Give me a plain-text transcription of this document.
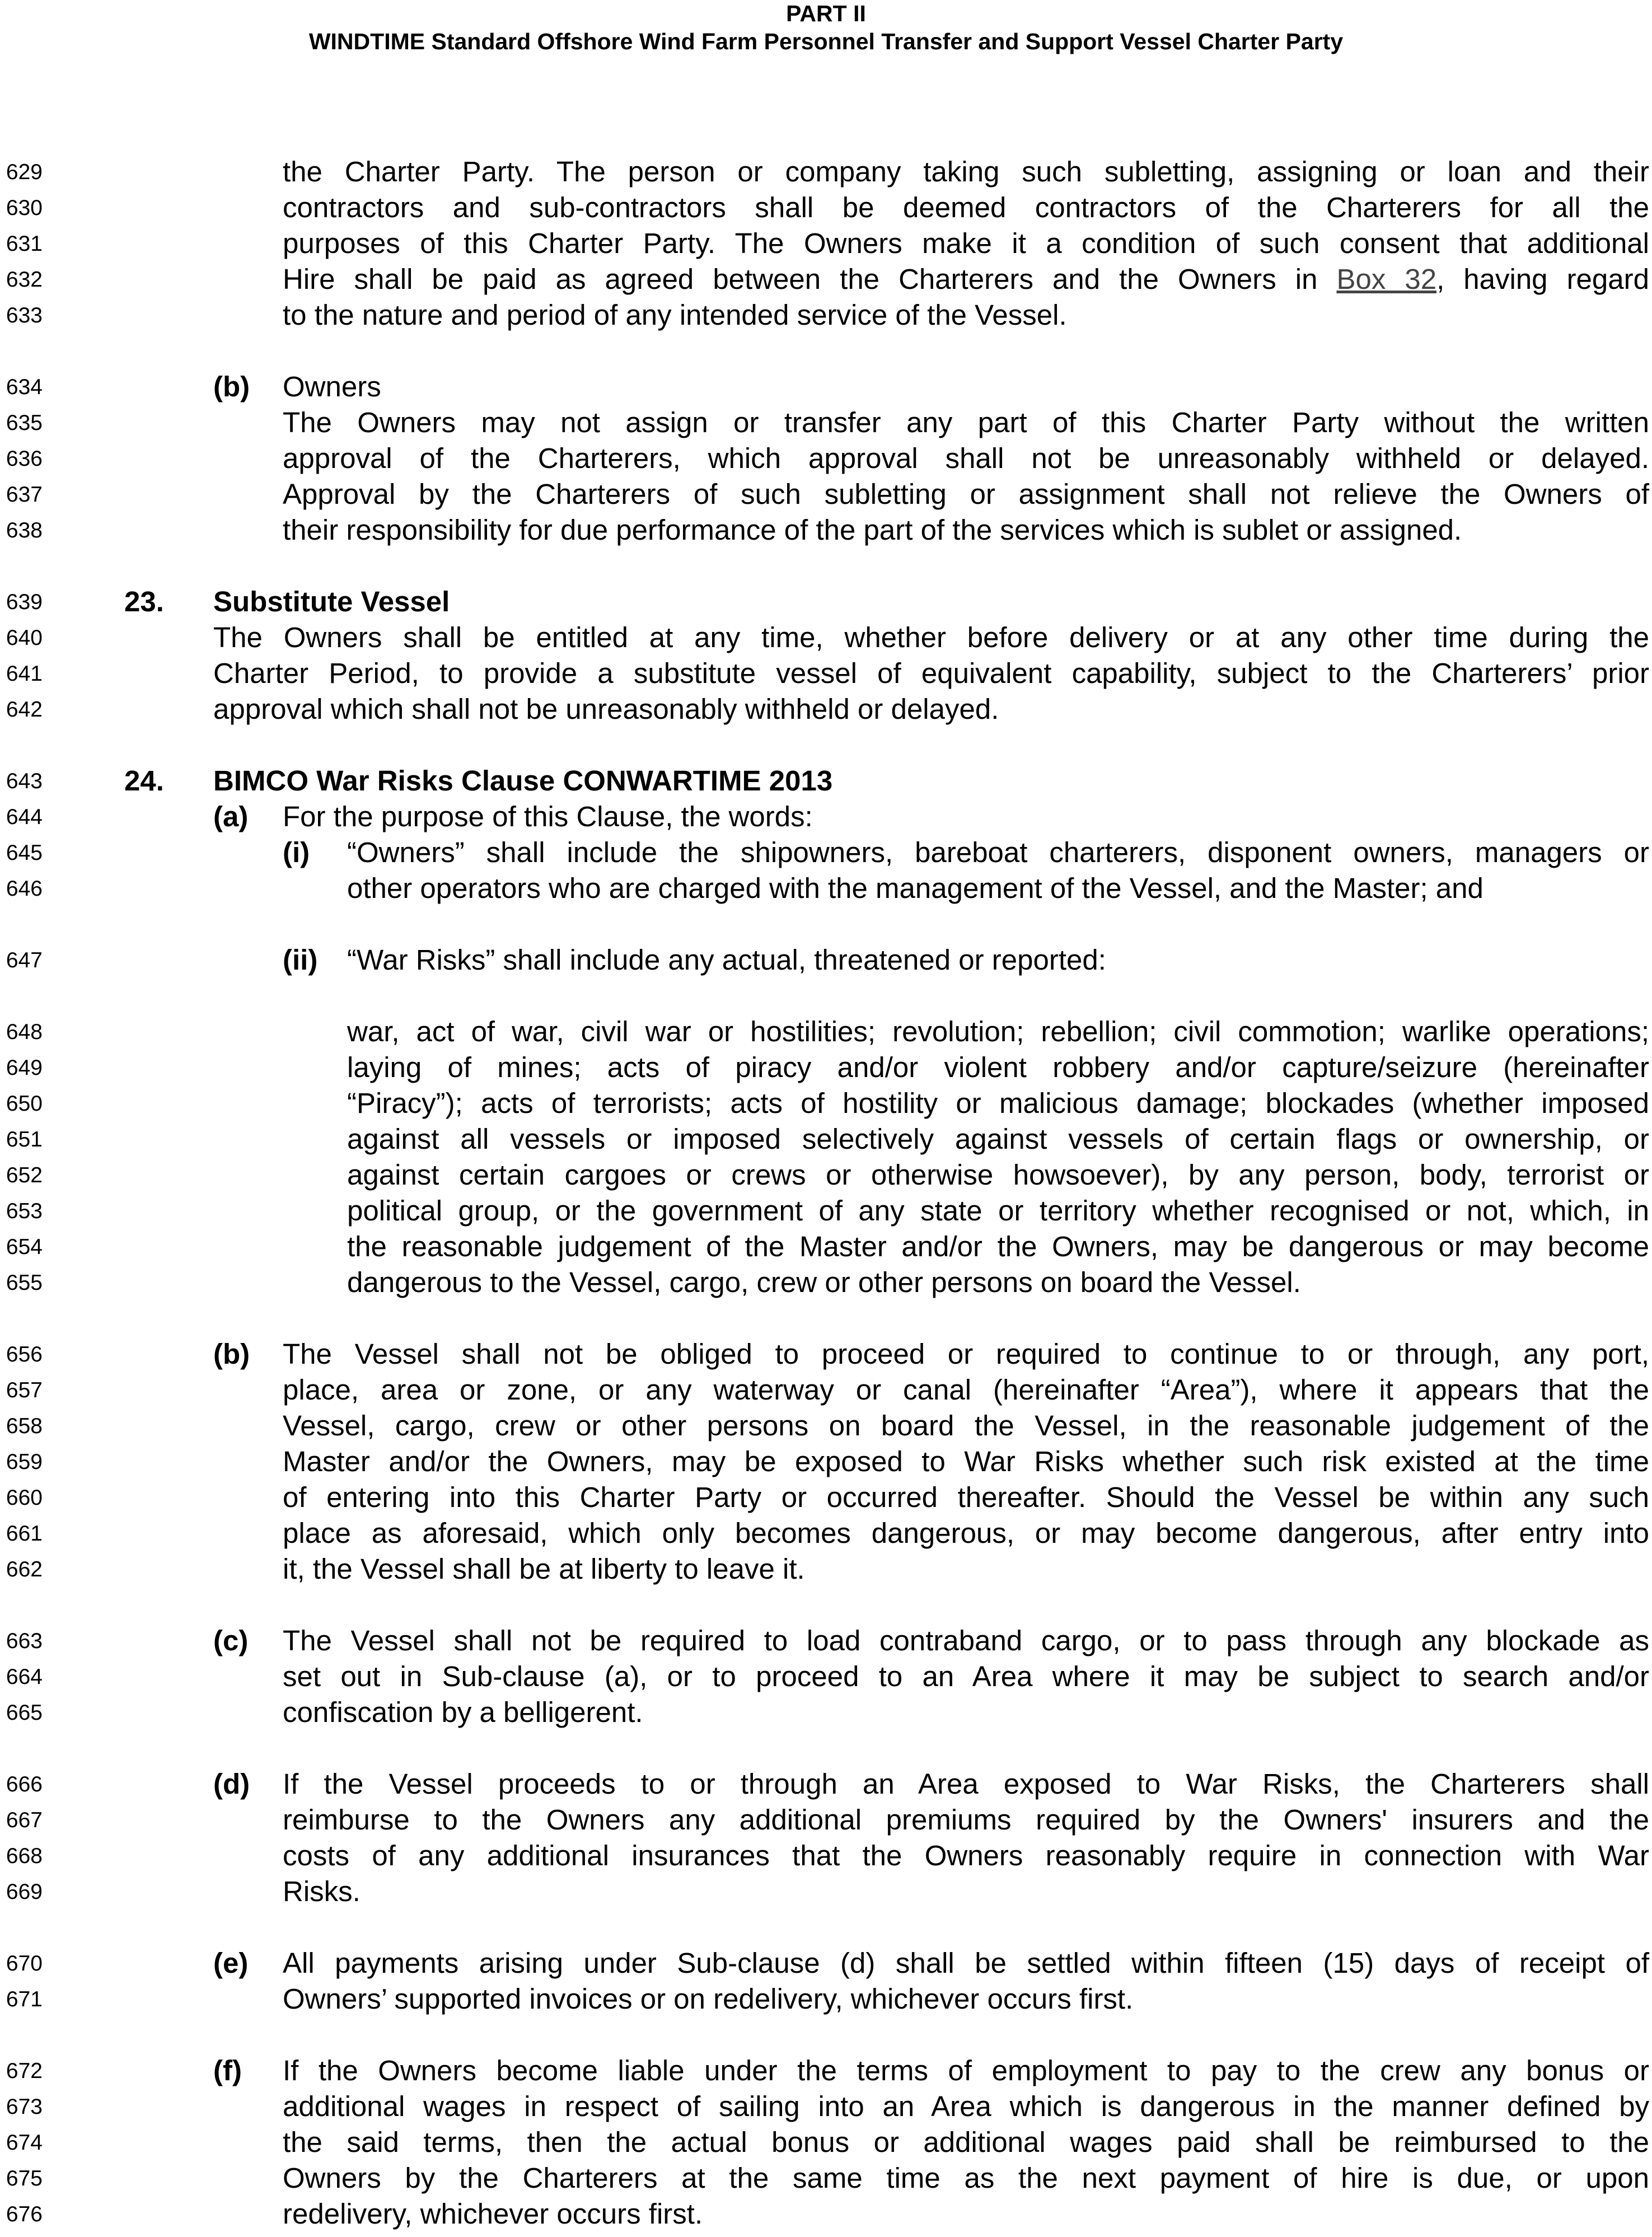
PART II
WINDTIME Standard Offshore Wind Farm Personnel Transfer and Support Vessel Charter Party
629
630
631
632
633
634
635
636
637
638
639
640
641
642
643
644
645
646
647
648
649
650
651
652
653
654
655
656
657
658
659
660
661
662
663
664
665
666
667
668
669
670
671
672
673
674
675
676
the Charter Party. The person or company taking such subletting, assigning or loan and their
contractors and sub-contractors shall be deemed contractors of the Charterers for all the
purposes of this Charter Party. The Owners make it a condition of such consent that additional
Hire shall be paid as agreed between the Charterers and the Owners in Box 32, having regard
to the nature and period of any intended service of the Vessel.
(b) Owners
The Owners may not assign or transfer any part of this Charter Party without the written
approval of the Charterers, which approval shall not be unreasonably withheld or delayed.
Approval by the Charterers of such subletting or assignment shall not relieve the Owners of
their responsibility for due performance of the part of the services which is sublet or assigned.
23. Substitute Vessel
The Owners shall be entitled at any time, whether before delivery or at any other time during the
Charter Period, to provide a substitute vessel of equivalent capability, subject to the Charterers’ prior
approval which shall not be unreasonably withheld or delayed.
24. BIMCO War Risks Clause CONWARTIME 2013
(a) For the purpose of this Clause, the words:
(i) “Owners” shall include the shipowners, bareboat charterers, disponent owners, managers or
other operators who are charged with the management of the Vessel, and the Master; and
(ii) “War Risks” shall include any actual, threatened or reported:
war, act of war, civil war or hostilities; revolution; rebellion; civil commotion; warlike operations;
laying of mines; acts of piracy and/or violent robbery and/or capture/seizure (hereinafter
“Piracy”); acts of terrorists; acts of hostility or malicious damage; blockades (whether imposed
against all vessels or imposed selectively against vessels of certain flags or ownership, or
against certain cargoes or crews or otherwise howsoever), by any person, body, terrorist or
political group, or the government of any state or territory whether recognised or not, which, in
the reasonable judgement of the Master and/or the Owners, may be dangerous or may become
dangerous to the Vessel, cargo, crew or other persons on board the Vessel.
(b) The Vessel shall not be obliged to proceed or required to continue to or through, any port,
place, area or zone, or any waterway or canal (hereinafter “Area”), where it appears that the
Vessel, cargo, crew or other persons on board the Vessel, in the reasonable judgement of the
Master and/or the Owners, may be exposed to War Risks whether such risk existed at the time
of entering into this Charter Party or occurred thereafter. Should the Vessel be within any such
place as aforesaid, which only becomes dangerous, or may become dangerous, after entry into
it, the Vessel shall be at liberty to leave it.
(c) The Vessel shall not be required to load contraband cargo, or to pass through any blockade as
set out in Sub-clause (a), or to proceed to an Area where it may be subject to search and/or
confiscation by a belligerent.
(d) If the Vessel proceeds to or through an Area exposed to War Risks, the Charterers shall
reimburse to the Owners any additional premiums required by the Owners' insurers and the
costs of any additional insurances that the Owners reasonably require in connection with War
Risks.
(e) All payments arising under Sub-clause (d) shall be settled within fifteen (15) days of receipt of
Owners’ supported invoices or on redelivery, whichever occurs first.
(f) If the Owners become liable under the terms of employment to pay to the crew any bonus or
additional wages in respect of sailing into an Area which is dangerous in the manner defined by
the said terms, then the actual bonus or additional wages paid shall be reimbursed to the
Owners by the Charterers at the same time as the next payment of hire is due, or upon
redelivery, whichever occurs first.
